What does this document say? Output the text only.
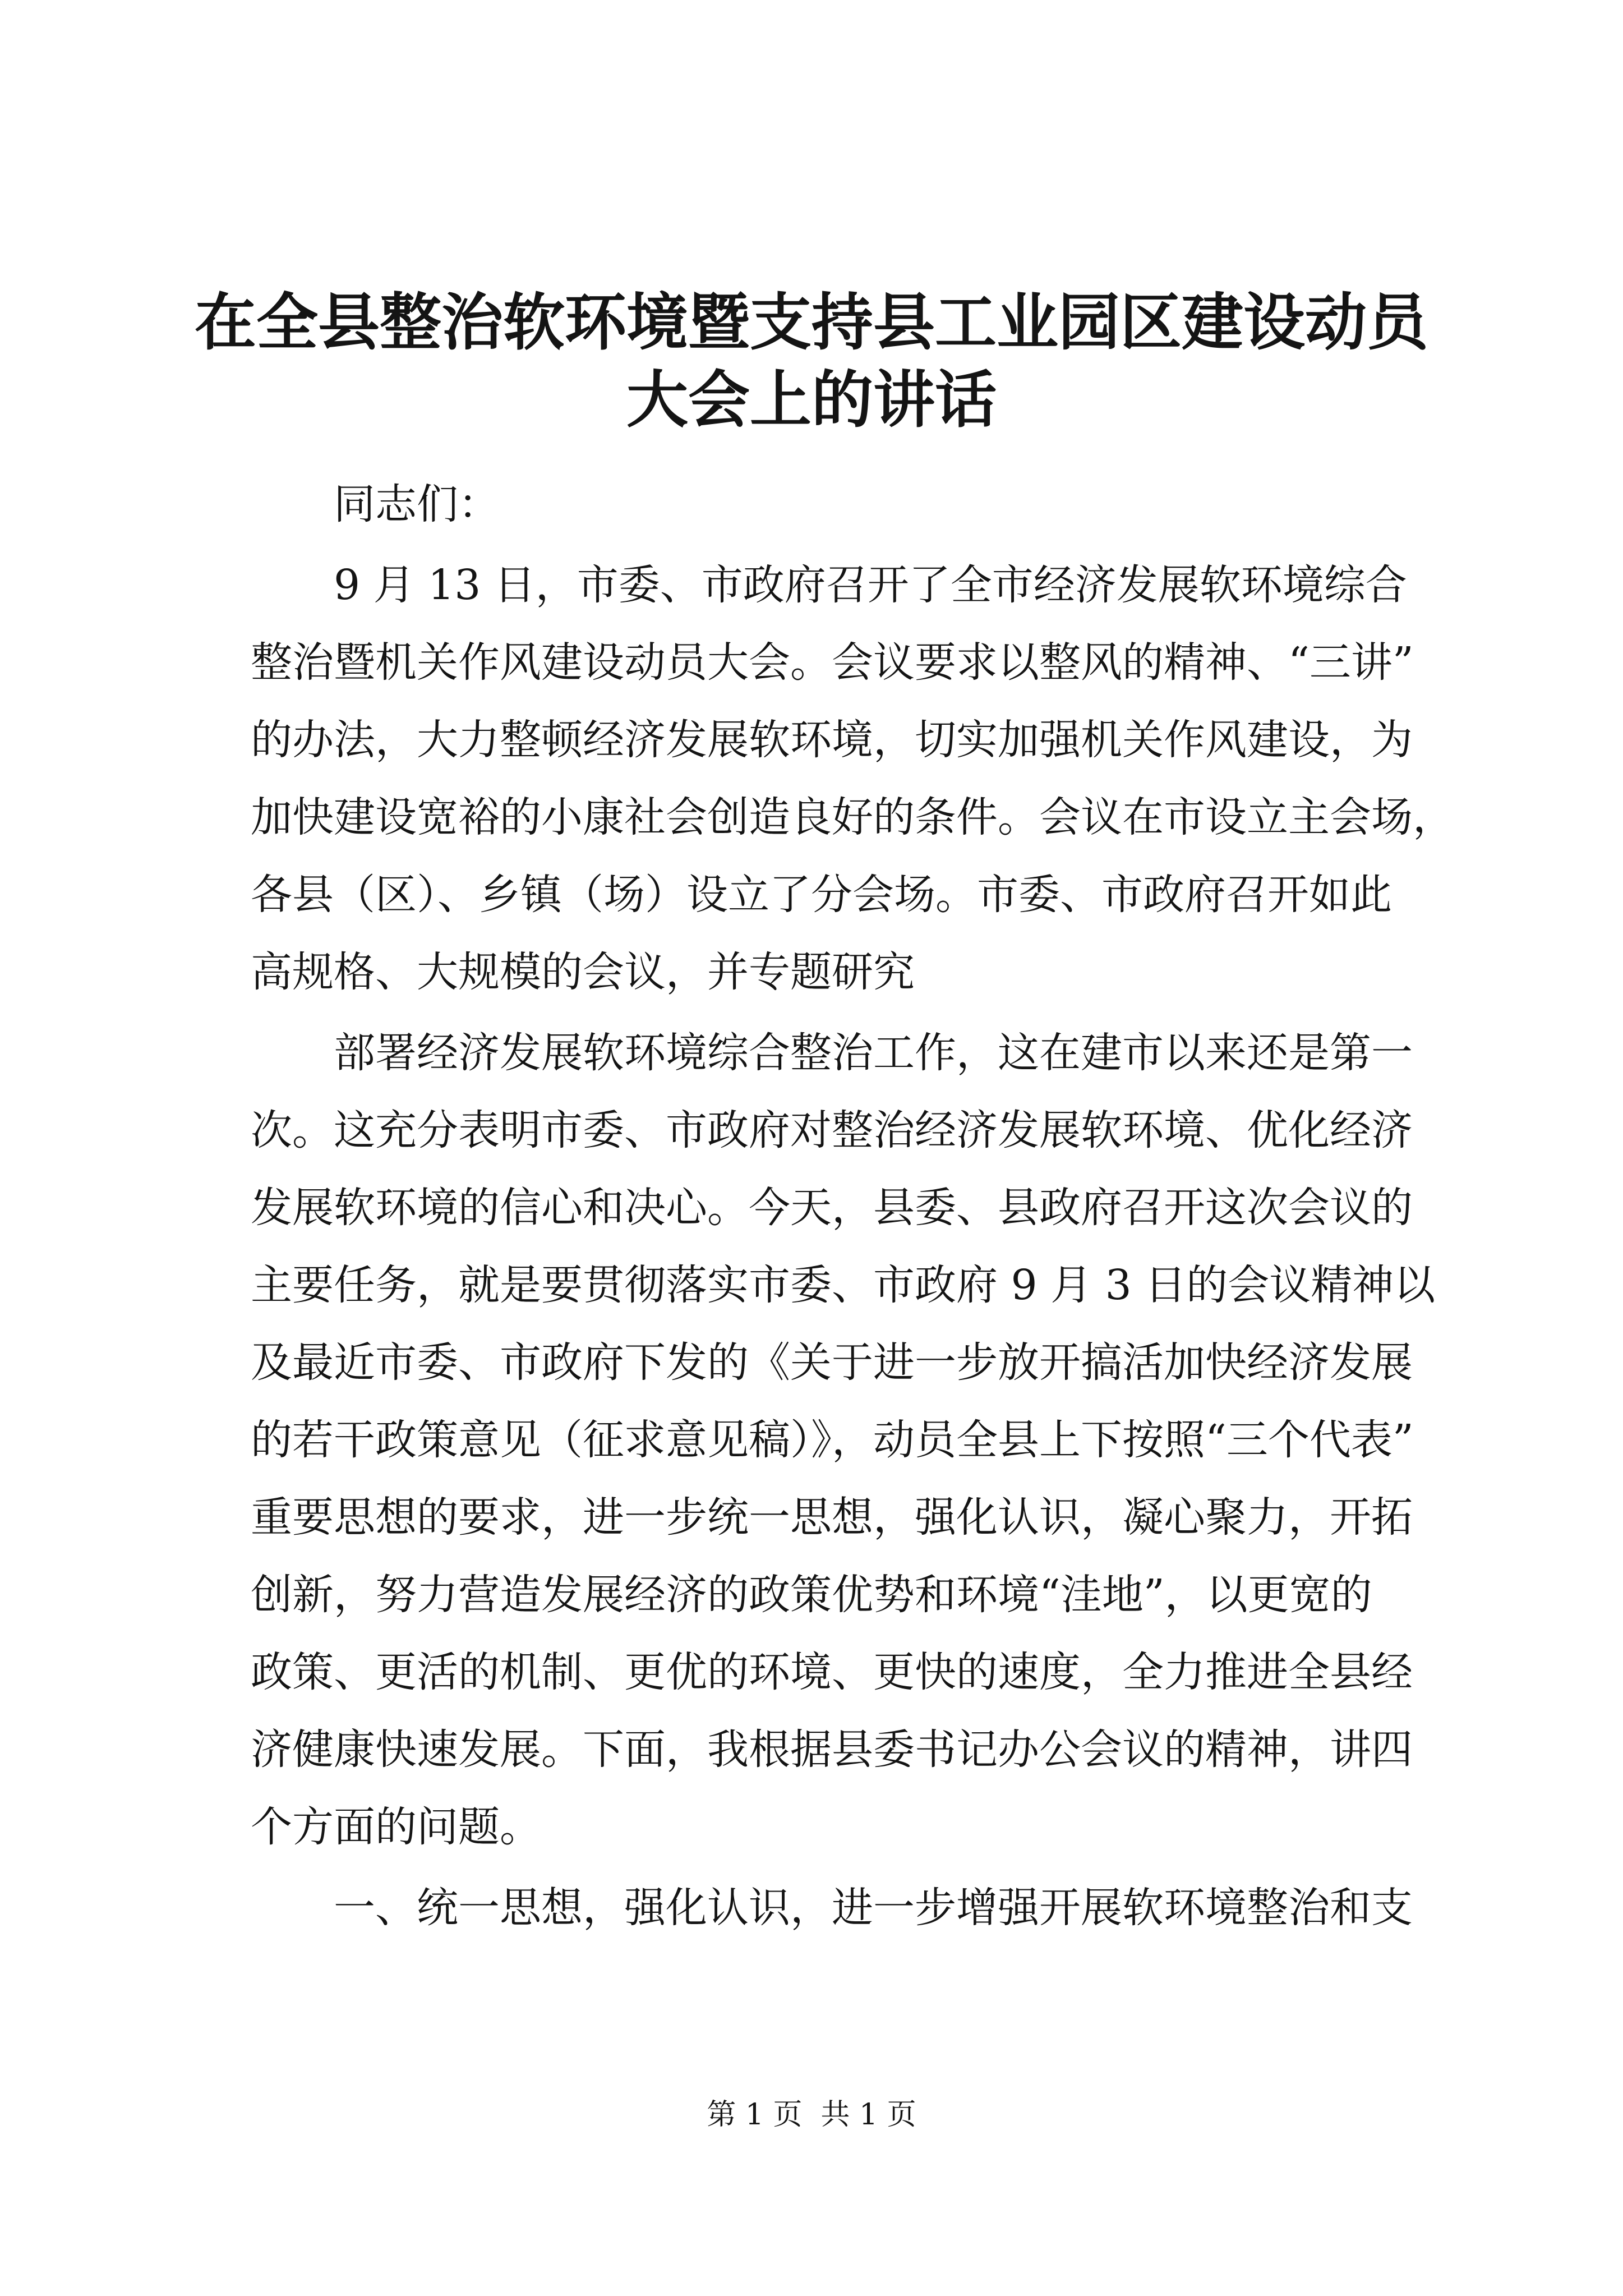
在全县整治软环境暨支持县工业园区建设动员
大会上的讲话

同志们：

9 月 13 日，市委、市政府召开了全市经济发展软环境综合
整治暨机关作风建设动员大会。会议要求以整风的精神、“三讲”
的办法，大力整顿经济发展软环境，切实加强机关作风建设，为
加快建设宽裕的小康社会创造良好的条件。会议在市设立主会场，
各县（区）、乡镇（场）设立了分会场。市委、市政府召开如此
高规格、大规模的会议，并专题研究

部署经济发展软环境综合整治工作，这在建市以来还是第一
次。这充分表明市委、市政府对整治经济发展软环境、优化经济
发展软环境的信心和决心。今天，县委、县政府召开这次会议的
主要任务，就是要贯彻落实市委、市政府 9 月 3 日的会议精神以
及最近市委、市政府下发的《关于进一步放开搞活加快经济发展
的若干政策意见（征求意见稿）》，动员全县上下按照“三个代表”
重要思想的要求，进一步统一思想，强化认识，凝心聚力，开拓
创新，努力营造发展经济的政策优势和环境“洼地”，以更宽的
政策、更活的机制、更优的环境、更快的速度，全力推进全县经
济健康快速发展。下面，我根据县委书记办公会议的精神，讲四
个方面的问题。

一、统一思想，强化认识，进一步增强开展软环境整治和支

第 1 页  共 1 页
